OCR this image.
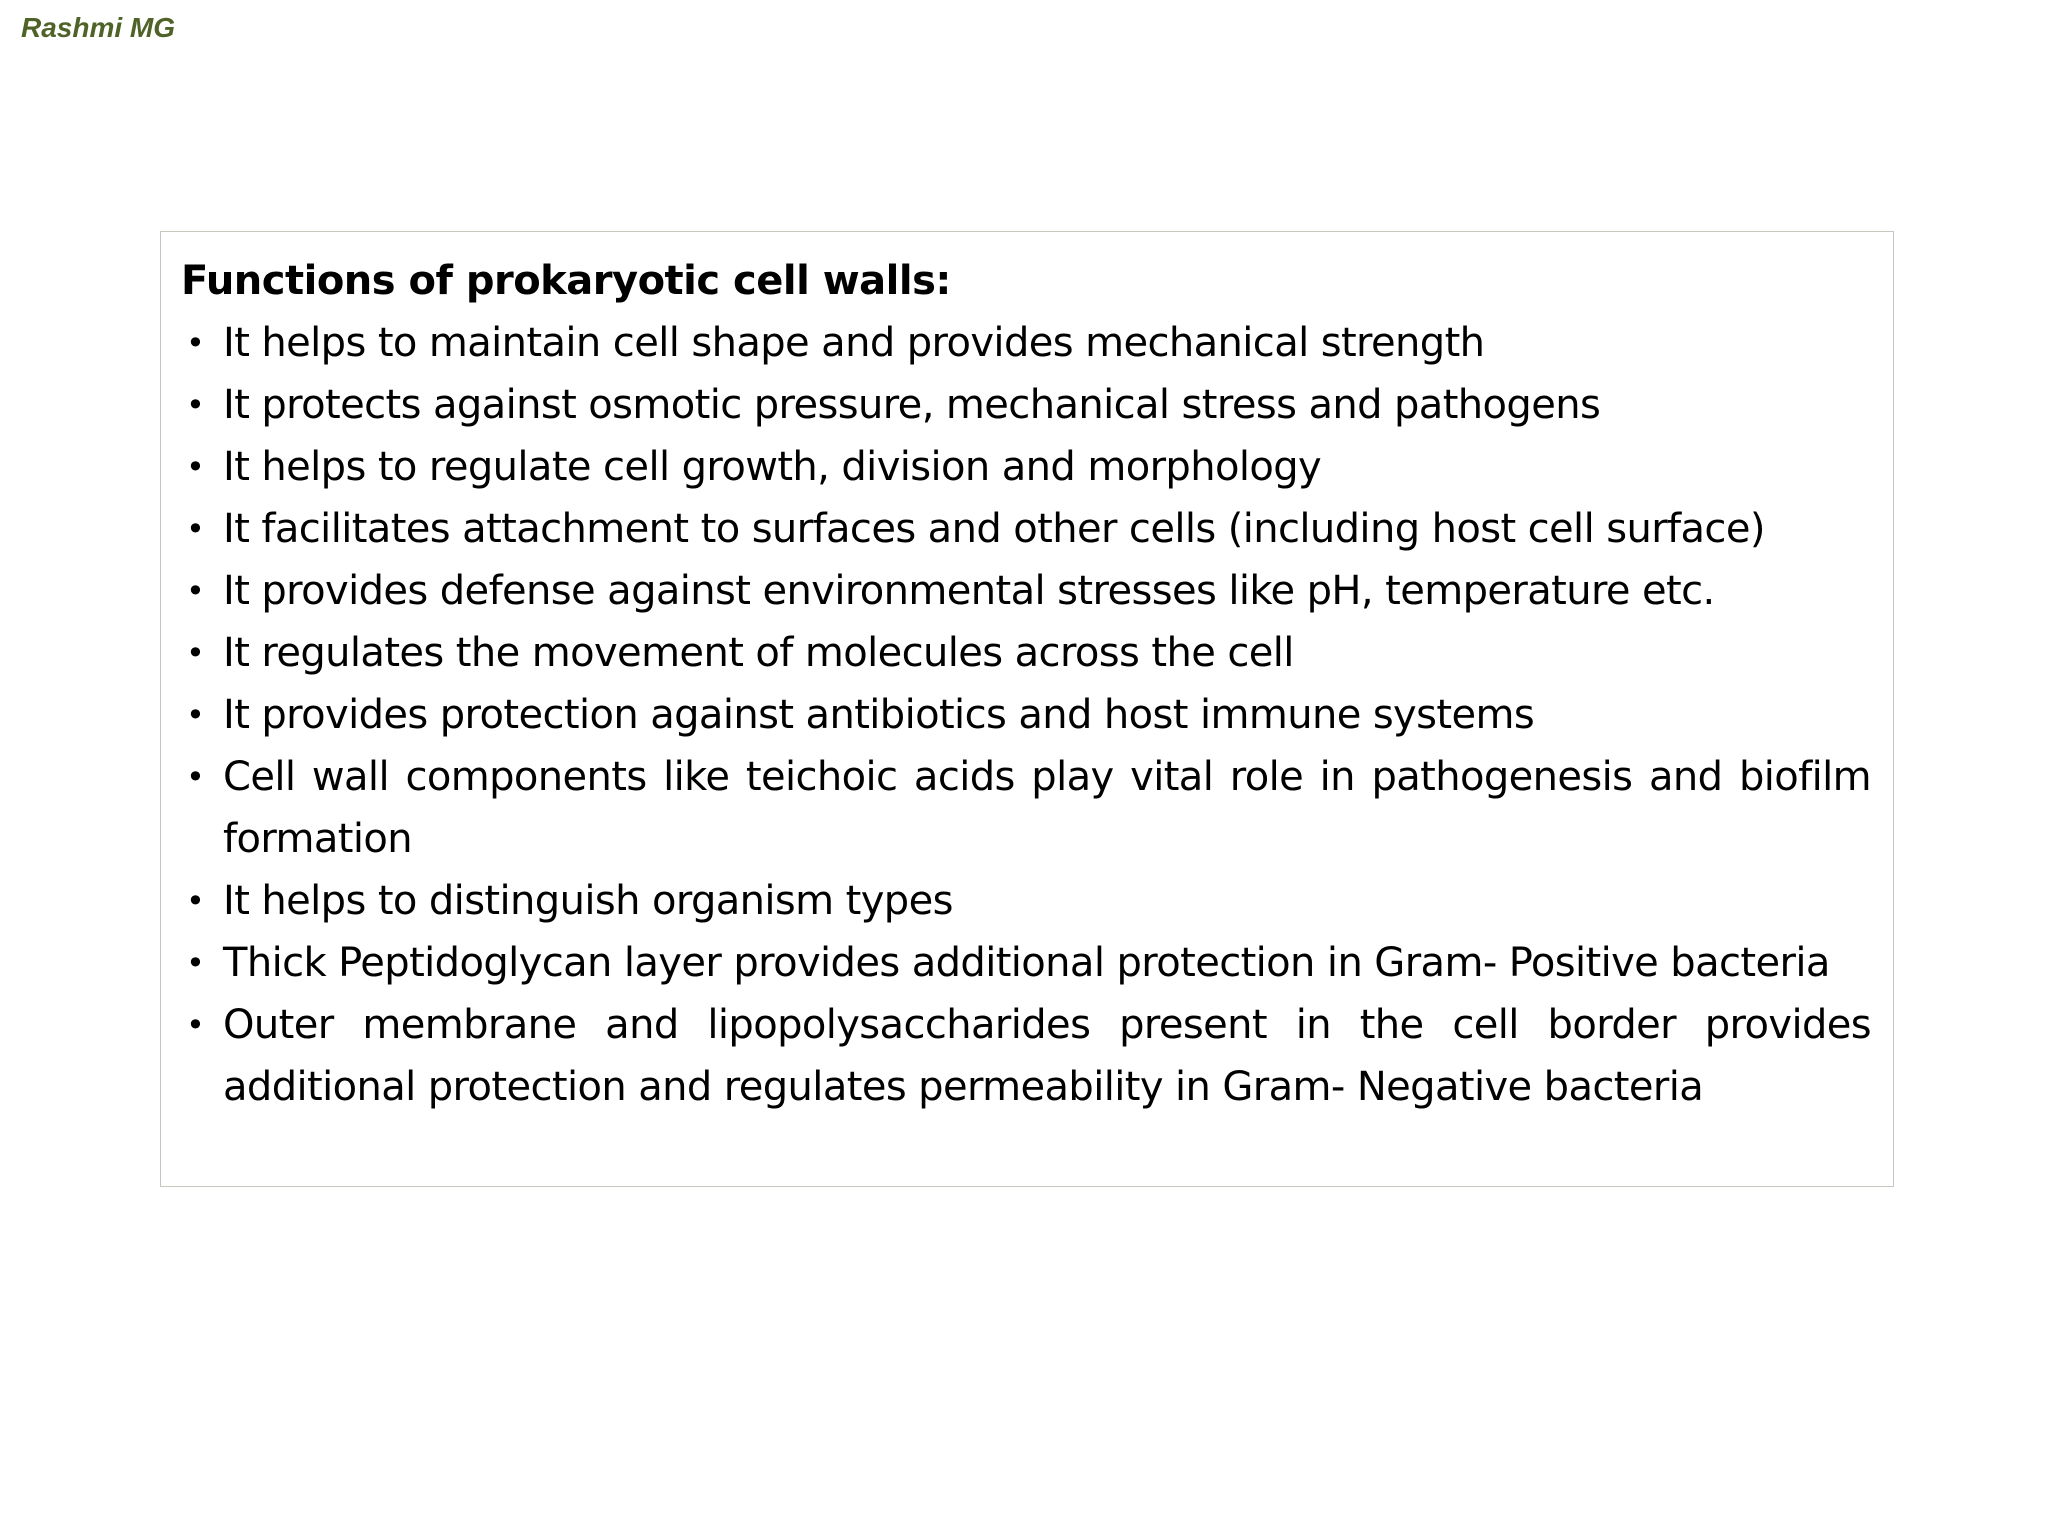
Rashmi MG

Functions of prokaryotic cell walls:

• It helps to maintain cell shape and provides mechanical strength
• It protects against osmotic pressure, mechanical stress and pathogens
• It helps to regulate cell growth, division and morphology
• It facilitates attachment to surfaces and other cells (including host cell surface)
• It provides defense against environmental stresses like pH, temperature etc.
• It regulates the movement of molecules across the cell
• It provides protection against antibiotics and host immune systems
• Cell wall components like teichoic acids play vital role in pathogenesis and biofilm formation
• It helps to distinguish organism types
• Thick Peptidoglycan layer provides additional protection in Gram- Positive bacteria
• Outer membrane and lipopolysaccharides present in the cell border provides additional protection and regulates permeability in Gram- Negative bacteria
